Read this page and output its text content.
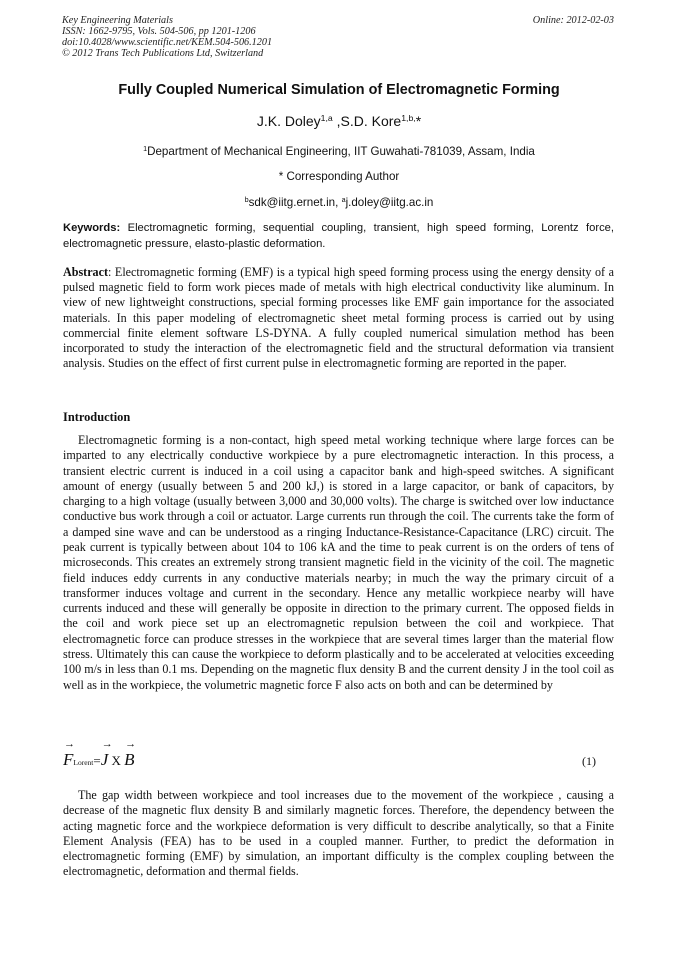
Key Engineering Materials
ISSN: 1662-9795, Vols. 504-506, pp 1201-1206
doi:10.4028/www.scientific.net/KEM.504-506.1201
© 2012 Trans Tech Publications Ltd, Switzerland
Online: 2012-02-03
Fully Coupled Numerical Simulation of Electromagnetic Forming
J.K. Doley$^{1,a}$ ,S.D. Kore$^{1,b,}$*
$^1$Department of Mechanical Engineering, IIT Guwahati-781039, Assam, India
* Corresponding Author
$^b$sdk@iitg.ernet.in, $^a$j.doley@iitg.ac.in
Keywords: Electromagnetic forming, sequential coupling, transient, high speed forming, Lorentz force, electromagnetic pressure, elasto-plastic deformation.
Abstract: Electromagnetic forming (EMF) is a typical high speed forming process using the energy density of a pulsed magnetic field to form work pieces made of metals with high electrical conductivity like aluminum. In view of new lightweight constructions, special forming processes like EMF gain importance for the associated materials. In this paper modeling of electromagnetic sheet metal forming process is carried out by using commercial finite element software LS-DYNA. A fully coupled numerical simulation method has been incorporated to study the interaction of the electromagnetic field and the structural deformation via transient analysis. Studies on the effect of first current pulse in electromagnetic forming are reported in the paper.
Introduction
Electromagnetic forming is a non-contact, high speed metal working technique where large forces can be imparted to any electrically conductive workpiece by a pure electromagnetic interaction. In this process, a transient electric current is induced in a coil using a capacitor bank and high-speed switches. A significant amount of energy (usually between 5 and 200 kJ,) is stored in a large capacitor, or bank of capacitors, by charging to a high voltage (usually between 3,000 and 30,000 volts). The charge is switched over low inductance conductive bus work through a coil or actuator. Large currents run through the coil. The currents take the form of a damped sine wave and can be understood as a ringing Inductance-Resistance-Capacitance (LRC) circuit. The peak current is typically between about 104 to 106 kA and the time to peak current is on the orders of tens of microseconds. This creates an extremely strong transient magnetic field in the vicinity of the coil. The magnetic field induces eddy currents in any conductive materials nearby; in much the way the primary circuit of a transformer induces voltage and current in the secondary. Hence any metallic workpiece nearby will have currents induced and these will generally be opposite in direction to the primary current. The opposed fields in the coil and work piece set up an electromagnetic repulsion between the coil and workpiece. That electromagnetic force can produce stresses in the workpiece that are several times larger than the material flow stress. Ultimately this can cause the workpiece to deform plastically and to be accelerated at velocities exceeding 100 m/s in less than 0.1 ms. Depending on the magnetic flux density B and the current density J in the tool coil as well as in the workpiece, the volumetric magnetic force F also acts on both and can be determined by
→ FLorent=→ J X → B	(1)
The gap width between workpiece and tool increases due to the movement of the workpiece , causing a decrease of the magnetic flux density B and similarly magnetic forces. Therefore, the dependency between the acting magnetic force and the workpiece deformation is very difficult to describe analytically, so that a Finite Element Analysis (FEA) has to be used in a coupled manner. Further, to predict the deformation in electromagnetic forming (EMF) by simulation, an important difficulty is the complex coupling between the electromagnetic, deformation and thermal fields.
